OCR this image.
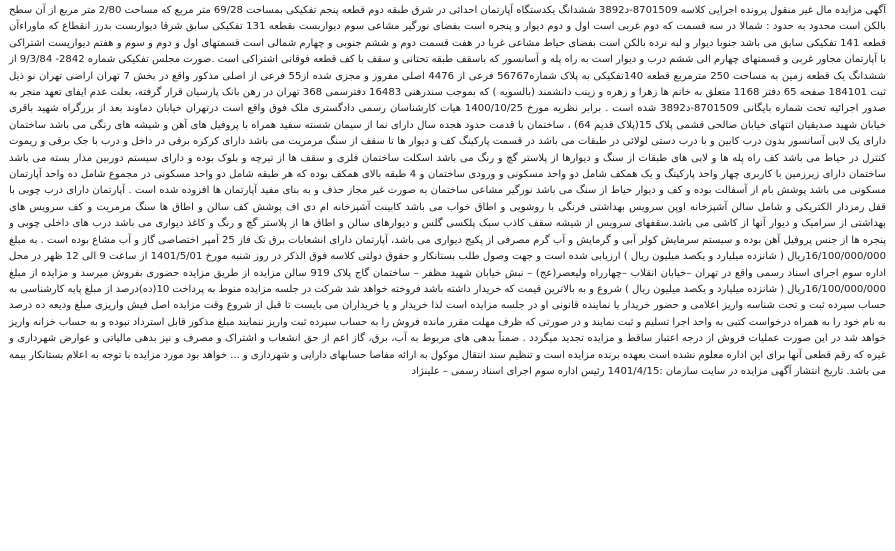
آگهی مزایده مال غیر منقول پرونده اجرایی کلاسه 8701509-د3892 ششدانگ یکدستگاه آپارتمان احداثی در شرق طبقه دوم قطعه پنجم تفکیکی بمساحت 69/28 متر مربع که مساحت 2/80 متر مربع از آن سطح بالکن است محدود به حدود : شمالا در سه قسمت که دوم غربی است اول و دوم دیوار و پنجره است بفضای نورگیر مشاعی سوم دیواربست بقطعه 131 تفکیکی سابق شرقا دیواربست بدرز انقطاع که ماوراءآن قطعه 141 تفکیکی سابق می باشد جنوبا دیوار و لبه نرده بالکن است بفضای حیاط مشاعی غربا در هفت قسمت دوم و ششم جنوبی و چهارم شمالی است قسمتهای اول و دوم و سوم و هفتم دیواریست اشتراکی با آپارتمان مجاور غربی و قسمتهای چهارم الی ششم درب و دیوار است به راه پله و آسانسور که باسقف طبقه تحتانی و سقف با کف قطعه فوقانی اشتراکی است .صورت مجلس تفکیکی شماره 2842- 9/3/84 از ششدانگ یک قطعه زمین به مساحت 250 مترمربع قطعه 140تفکیکی به پلاک شماره56767 فرعی از 4476 اصلی مفروز و مجزی شده از55 فرعی از اصلی مذکور واقع در بخش 7 تهران اراضی تهران نو ذیل ثبت 184101 صفحه 65 دفتر 1168 متعلق به خانم ها زهرا و زهره و زینب دانشمند (بالسویه ) که بموجب سندرهنی 16483 دفترسمی 368 تهران در رهن بانک پارسیان قرار گرفته، بعلت عدم ایفای تعهد منجر به صدور اجرائیه تحت شماره بایگانی 8701509-د3892 شده است . برابر نظریه مورخ 1400/10/25 هیات کارشناسان رسمی دادگستری ملک فوق واقع است درتهران خیابان دماوند بعد از بزرگراه شهید باقری خیابان شهید صدیقیان انتهای خیابان صالحی قشمی پلاک 15(پلاک قدیم 64) ، ساختمان با قدمت حدود هجده سال دارای نما از سیمان شسته سفید همراه با پروفیل های آهن و شیشه های رنگی می باشد ساختمان دارای یک لابی آسانسور بدون درب کابین و با درب دستی لولائی در طبقات می باشد در قسمت پارکینگ کف و دیوار ها تا سقف از سنگ مرمریت می باشد دارای کرکره برقی در داخل و درب با جک برقی و ریموت کنترل در حیاط می باشد کف راه پله ها و لابی های طبقات از سنگ و دیوارها از پلاستر گچ و رنگ می باشد اسکلت ساختمان فلزی و سقف ها از تیرچه و بلوک بوده و دارای سیستم دوربین مدار بسته می باشد ساختمان دارای زیرزمین با کاربری چهار واحد پارکینگ و یک همکف شامل دو واحد مسکونی و ورودی ساختمان و 4 طبقه بالای همکف بوده که هر طبقه شامل دو واحد مسکونی در مجموع شامل ده واحد آپارتمان مسکونی می باشد پوشش بام از آسفالت بوده و کف و دیوار حیاط از سنگ می باشد نورگیر مشاعی ساختمان به صورت غیر مجاز حذف و به بنای مفید آپارتمان ها افزوده شده است . آپارتمان دارای درب چوبی با قفل رمزدار الکتریکی و شامل سالن آشپزخانه اوپن سرویس بهداشتی فرنگی با روشویی و اطاق خواب می باشد کابینت آشپزخانه ام دی اف پوشش کف سالن و اطاق ها سنگ مرمریت و کف سرویس های بهداشتی از سرامیک و دیوار آنها از کاشی می باشد.سقفهای سرویس از شیشه سقف کاذب سبک پلکسی گلس و دیوارهای سالن و اطاق ها از پلاستر گچ و رنگ و کاغذ دیواری می باشد درب های داخلی چوبی و پنجره ها از جنس پروفیل آهن بوده و سیستم سرمایش کولر آبی و گرمایش و آب گرم مصرفی از پکیج دیواری می باشد، آپارتمان دارای انشعابات برق تک فاز 25 آمپر اختصاصی گاز و آب مشاع بوده است . به مبلغ 16/100/000/000ریال ( شانزده میلیارد و یکصد میلیون ریال ) ارزیابی شده است و جهت وصول طلب بستانکار و حقوق دولتی کلاسه فوق الذکر در روز شنبه مورخ 1401/5/01 از ساعت 9 الی 12 ظهر در محل اداره سوم اجرای اسناد رسمی واقع در تهران –خیابان انقلاب –چهارراه ولیعصر(عج) – نبش خیابان شهید مظفر – ساختمان گاج پلاک 919 سالن مزایده از طریق مزایده حضوری بفروش میرسد و مزایده از مبلغ 16/100/000/000ریال ( شانزده میلیارد و یکصد میلیون ریال ) شروع و به بالاترین قیمت که خریدار داشته باشد فروخته خواهد شد شرکت در جلسه مزایده منوط به پرداخت 10(ده)درصد از مبلغ پایه کارشناسی به حساب سپرده ثبت و تحت شناسه واریز اعلامی و حضور خریدار یا نماینده قانونی او در جلسه مزایده است لذا خریدار و یا خریداران می بایست تا قبل از شروع وقت مزایده اصل فیش واریزی مبلغ ودیعه ده درصد به نام خود را به همراه درخواست کتبی به واحد اجرا تسلیم و ثبت نمایند و در صورتی که ظرف مهلت مقرر مانده فروش را به حساب سپرده ثبت واریز ننمایند مبلغ مذکور قابل استرداد نبوده و به حساب خزانه واریز خواهد شد در این صورت عملیات فروش از درجه اعتبار ساقط و مزایده تجدید میگردد . ضمناً بدهی های مربوط به آب، برق، گاز اعم از حق انشعاب و اشتراک و مصرف و نیز بدهی مالیاتی و عوارض شهرداری و غیره که رقم قطعی آنها برای این اداره معلوم نشده است بعهده برنده مزایده است و تنظیم سند انتقال موکول به ارائه مفاصا حسابهای دارایی و شهرداری و ... خواهد بود مورد مزایده با توجه به اعلام بستانکار بیمه می باشد. تاریخ انتشار آگهی مزایده در سایت سازمان :1401/4/15 رئیس اداره سوم اجرای اسناد رسمی – علینژاد
